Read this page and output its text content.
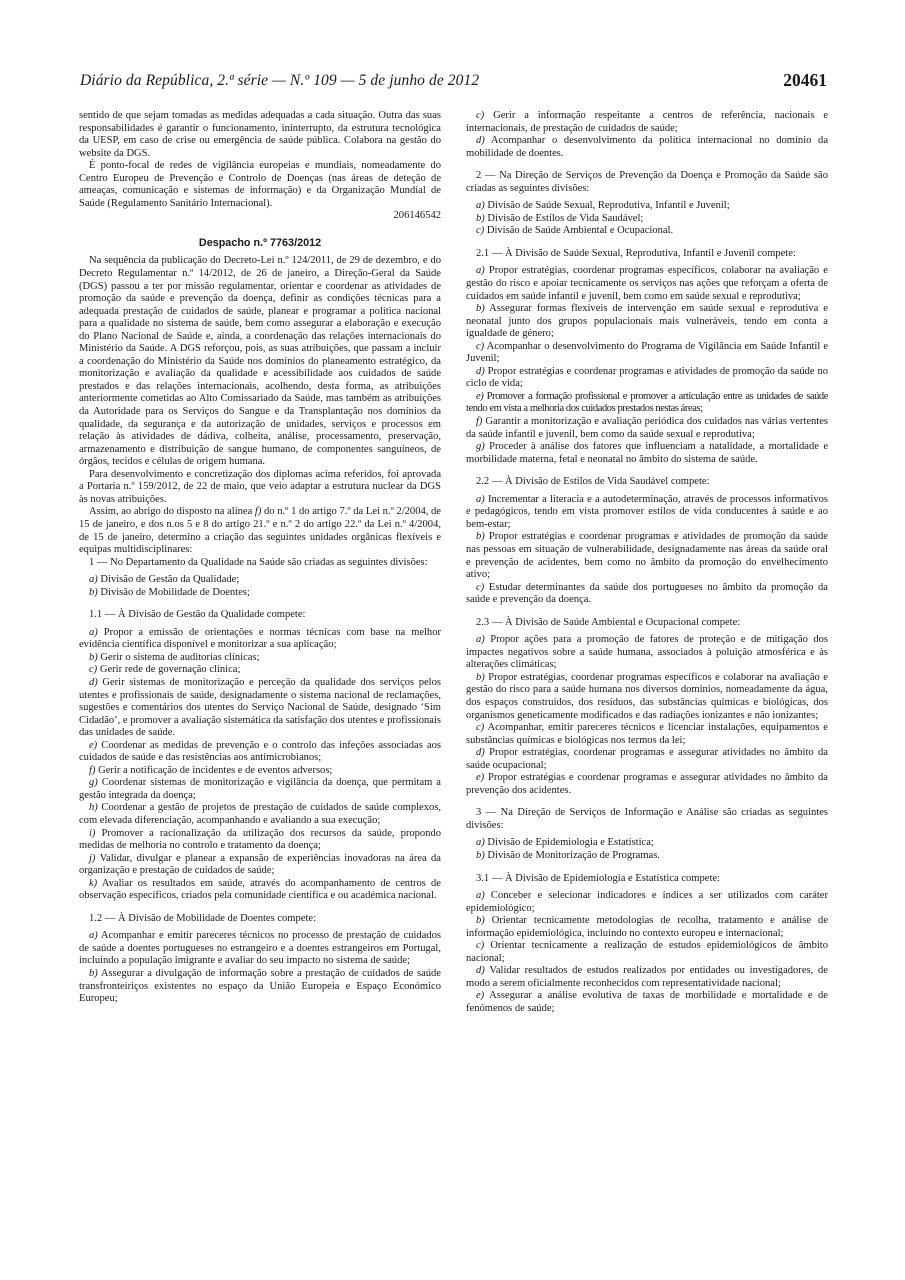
Diário da República, 2.ª série — N.º 109 — 5 de junho de 2012	20461

sentido de que sejam tomadas as medidas adequadas a cada situação. Outra das suas responsabilidades é garantir o funcionamento, ininterrupto, da estrutura tecnológica da UESP, em caso de crise ou emergência de saúde pública. Colabora na gestão do website da DGS.

É ponto-focal de redes de vigilância europeias e mundiais, nomeadamente do Centro Europeu de Prevenção e Controlo de Doenças (nas áreas de deteção de ameaças, comunicação e sistemas de informação) e da Organização Mundial de Saúde (Regulamento Sanitário Internacional).

206146542

Despacho n.º 7763/2012

Na sequência da publicação do Decreto-Lei n.º 124/2011, de 29 de dezembro, e do Decreto Regulamentar n.º 14/2012, de 26 de janeiro, a Direção-Geral da Saúde (DGS) passou a ter por missão regulamentar, orientar e coordenar as atividades de promoção da saúde e prevenção da doença, definir as condições técnicas para a adequada prestação de cuidados de saúde, planear e programar a política nacional para a qualidade no sistema de saúde, bem como assegurar a elaboração e execução do Plano Nacional de Saúde e, ainda, a coordenação das relações internacionais do Ministério da Saúde. A DGS reforçou, pois, as suas atribuições, que passam a incluir a coordenação do Ministério da Saúde nos domínios do planeamento estratégico, da monitorização e avaliação da qualidade e acessibilidade aos cuidados de saúde prestados e das relações internacionais, acolhendo, desta forma, as atribuições anteriormente cometidas ao Alto Comissariado da Saúde, mas também as atribuições da Autoridade para os Serviços do Sangue e da Transplantação nos domínios da qualidade, da segurança e da autorização de unidades, serviços e processos em relação às atividades de dádiva, colheita, análise, processamento, preservação, armazenamento e distribuição de sangue humano, de componentes sanguíneos, de órgãos, tecidos e células de origem humana.

Para desenvolvimento e concretização dos diplomas acima referidos, foi aprovada a Portaria n.º 159/2012, de 22 de maio, que veio adaptar a estrutura nuclear da DGS às novas atribuições.

Assim, ao abrigo do disposto na alínea f) do n.º 1 do artigo 7.º da Lei n.º 2/2004, de 15 de janeiro, e dos n.os 5 e 8 do artigo 21.º e n.º 2 do artigo 22.º da Lei n.º 4/2004, de 15 de janeiro, determino a criação das seguintes unidades orgânicas flexíveis e equipas multidisciplinares:

1 — No Departamento da Qualidade na Saúde são criadas as seguintes divisões:

a) Divisão de Gestão da Qualidade;

b) Divisão de Mobilidade de Doentes;

1.1 — À Divisão de Gestão da Qualidade compete:

a) Propor a emissão de orientações e normas técnicas com base na melhor evidência científica disponível e monitorizar a sua aplicação;

b) Gerir o sistema de auditorias clínicas;

c) Gerir rede de governação clínica;

d) Gerir sistemas de monitorização e perceção da qualidade dos serviços pelos utentes e profissionais de saúde, designadamente o sistema nacional de reclamações, sugestões e comentários dos utentes do Serviço Nacional de Saúde, designado ‘Sim Cidadão’, e promover a avaliação sistemática da satisfação dos utentes e profissionais das unidades de saúde.

e) Coordenar as medidas de prevenção e o controlo das infeções associadas aos cuidados de saúde e das resistências aos antimicrobianos;

f) Gerir a notificação de incidentes e de eventos adversos;

g) Coordenar sistemas de monitorização e vigilância da doença, que permitam a gestão integrada da doença;

h) Coordenar a gestão de projetos de prestação de cuidados de saúde complexos, com elevada diferenciação, acompanhando e avaliando a sua execução;

i) Promover a racionalização da utilização dos recursos da saúde, propondo medidas de melhoria no controlo e tratamento da doença;

j) Validar, divulgar e planear a expansão de experiências inovadoras na área da organização e prestação de cuidados de saúde;

k) Avaliar os resultados em saúde, através do acompanhamento de centros de observação específicos, criados pela comunidade científica e ou académica nacional.

1.2 — À Divisão de Mobilidade de Doentes compete:

a) Acompanhar e emitir pareceres técnicos no processo de prestação de cuidados de saúde a doentes portugueses no estrangeiro e a doentes estrangeiros em Portugal, incluindo a população imigrante e avaliar do seu impacto no sistema de saúde;

b) Assegurar a divulgação de informação sobre a prestação de cuidados de saúde transfronteiriços existentes no espaço da União Europeia e Espaço Económico Europeu;

c) Gerir a informação respeitante a centros de referência, nacionais e internacionais, de prestação de cuidados de saúde;

d) Acompanhar o desenvolvimento da política internacional no domínio da mobilidade de doentes.

2 — Na Direção de Serviços de Prevenção da Doença e Promoção da Saúde são criadas as seguintes divisões:

a) Divisão de Saúde Sexual, Reprodutiva, Infantil e Juvenil;

b) Divisão de Estilos de Vida Saudável;

c) Divisão de Saúde Ambiental e Ocupacional.

2.1 — À Divisão de Saúde Sexual, Reprodutiva, Infantil e Juvenil compete:

a) Propor estratégias, coordenar programas específicos, colaborar na avaliação e gestão do risco e apoiar tecnicamente os serviços nas ações que reforçam a oferta de cuidados em saúde infantil e juvenil, bem como em saúde sexual e reprodutiva;

b) Assegurar formas flexíveis de intervenção em saúde sexual e reprodutiva e neonatal junto dos grupos populacionais mais vulneráveis, tendo em conta a igualdade de género;

c) Acompanhar o desenvolvimento do Programa de Vigilância em Saúde Infantil e Juvenil;

d) Propor estratégias e coordenar programas e atividades de promoção da saúde no ciclo de vida;

e) Promover a formação profissional e promover a articulação entre as unidades de saúde tendo em vista a melhoria dos cuidados prestados nestas áreas;

f) Garantir a monitorização e avaliação periódica dos cuidados nas várias vertentes da saúde infantil e juvenil, bem como da saúde sexual e reprodutiva;

g) Proceder à análise dos fatores que influenciam a natalidade, a mortalidade e morbilidade materna, fetal e neonatal no âmbito do sistema de saúde.

2.2 — À Divisão de Estilos de Vida Saudável compete:

a) Incrementar a literacia e a autodeterminação, através de processos informativos e pedagógicos, tendo em vista promover estilos de vida conducentes à saúde e ao bem-estar;

b) Propor estratégias e coordenar programas e atividades de promoção da saúde nas pessoas em situação de vulnerabilidade, designadamente nas áreas da saúde oral e prevenção de acidentes, bem como no âmbito da promoção do envelhecimento ativo;

c) Estudar determinantes da saúde dos portugueses no âmbito da promoção da saúde e prevenção da doença.

2.3 — À Divisão de Saúde Ambiental e Ocupacional compete:

a) Propor ações para a promoção de fatores de proteção e de mitigação dos impactes negativos sobre a saúde humana, associados à poluição atmosférica e às alterações climáticas;

b) Propor estratégias, coordenar programas específicos e colaborar na avaliação e gestão do risco para a saúde humana nos diversos domínios, nomeadamente da água, dos espaços construídos, dos resíduos, das substâncias químicas e biológicas, dos organismos geneticamente modificados e das radiações ionizantes e não ionizantes;

c) Acompanhar, emitir pareceres técnicos e licenciar instalações, equipamentos e substâncias químicas e biológicas nos termos da lei;

d) Propor estratégias, coordenar programas e assegurar atividades no âmbito da saúde ocupacional;

e) Propor estratégias e coordenar programas e assegurar atividades no âmbito da prevenção dos acidentes.

3 — Na Direção de Serviços de Informação e Análise são criadas as seguintes divisões:

a) Divisão de Epidemiologia e Estatística;

b) Divisão de Monitorização de Programas.

3.1 — À Divisão de Epidemiologia e Estatística compete:

a) Conceber e selecionar indicadores e índices a ser utilizados com caráter epidemiológico;

b) Orientar tecnicamente metodologias de recolha, tratamento e análise de informação epidemiológica, incluindo no contexto europeu e internacional;

c) Orientar tecnicamente a realização de estudos epidemiológicos de âmbito nacional;

d) Validar resultados de estudos realizados por entidades ou investigadores, de modo a serem oficialmente reconhecidos com representatividade nacional;

e) Assegurar a análise evolutiva de taxas de morbilidade e mortalidade e de fenómenos de saúde;
